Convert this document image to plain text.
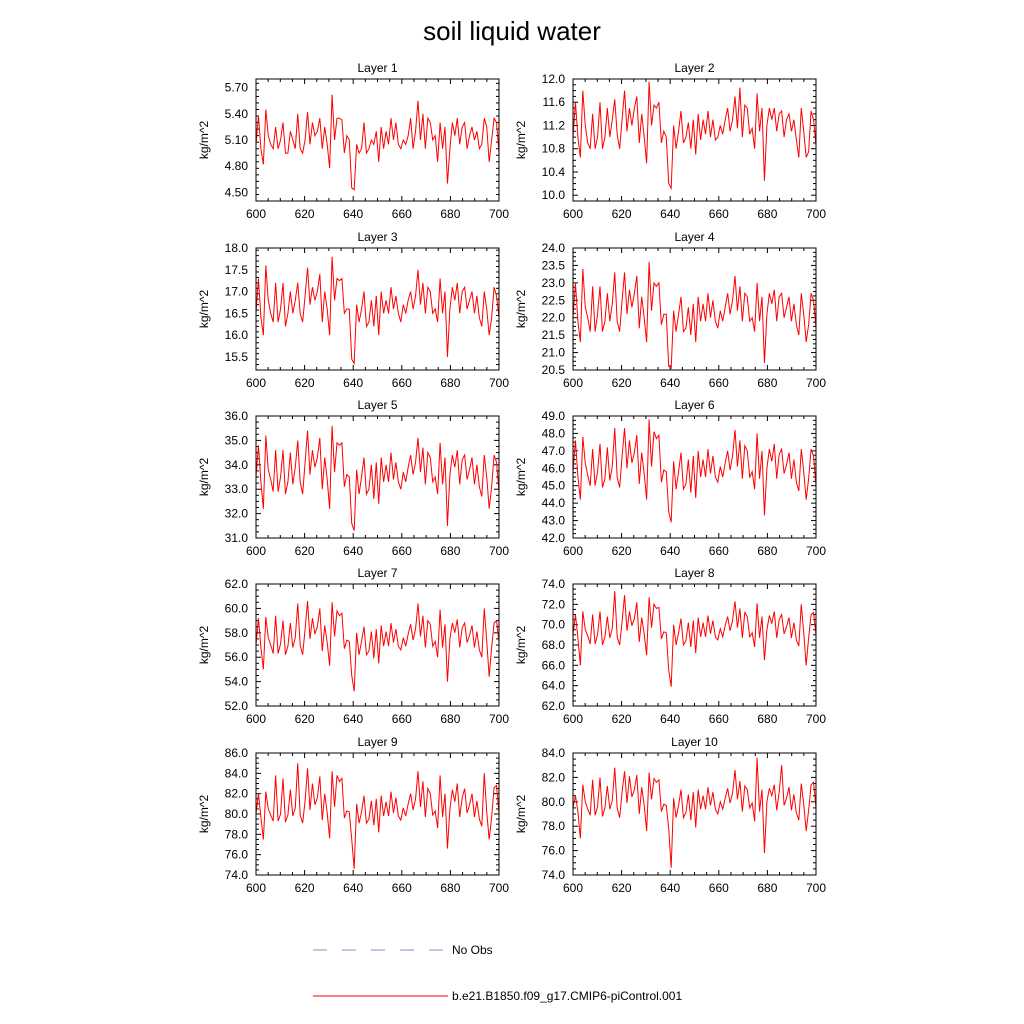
soil liquid water
Layer 1
kg/m^2
600 620 640 660 680 700
4.50
4.80
5.10
5.40
5.70
Layer 2
kg/m^2
600 620 640 660 680 700
10.0
10.4
10.8
11.2
11.6
12.0
Layer 3
kg/m^2
600 620 640 660 680 700
15.5
16.0
16.5
17.0
17.5
18.0
Layer 4
kg/m^2
600 620 640 660 680 700
20.5
21.0
21.5
22.0
22.5
23.0
23.5
24.0
Layer 5
kg/m^2
600 620 640 660 680 700
31.0
32.0
33.0
34.0
35.0
36.0
Layer 6
kg/m^2
600 620 640 660 680 700
42.0
43.0
44.0
45.0
46.0
47.0
48.0
49.0
Layer 7
kg/m^2
600 620 640 660 680 700
52.0
54.0
56.0
58.0
60.0
62.0
Layer 8
kg/m^2
600 620 640 660 680 700
62.0
64.0
66.0
68.0
70.0
72.0
74.0
Layer 9
kg/m^2
600 620 640 660 680 700
74.0
76.0
78.0
80.0
82.0
84.0
86.0
Layer 10
kg/m^2
600 620 640 660 680 700
74.0
76.0
78.0
80.0
82.0
84.0
No Obs
b.e21.B1850.f09_g17.CMIP6-piControl.001
